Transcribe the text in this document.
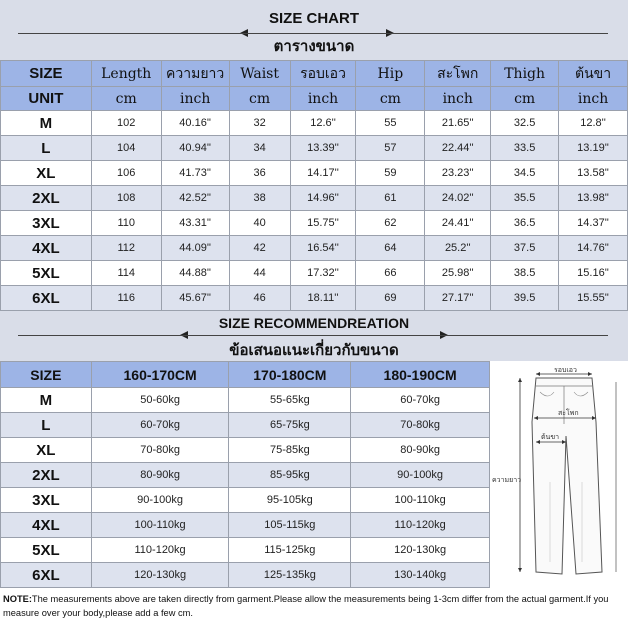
SIZE CHART
ตารางขนาด
SIZE	Length	ความยาว	Waist	รอบเอว	Hip	สะโพก	Thigh	ต้นขา
UNIT	cm	inch	cm	inch	cm	inch	cm	inch
M	102	40.16''	32	12.6''	55	21.65''	32.5	12.8''
L	104	40.94''	34	13.39''	57	22.44''	33.5	13.19''
XL	106	41.73''	36	14.17''	59	23.23''	34.5	13.58''
2XL	108	42.52''	38	14.96''	61	24.02''	35.5	13.98''
3XL	110	43.31''	40	15.75''	62	24.41''	36.5	14.37''
4XL	112	44.09''	42	16.54''	64	25.2''	37.5	14.76''
5XL	114	44.88''	44	17.32''	66	25.98''	38.5	15.16''
6XL	116	45.67''	46	18.11''	69	27.17''	39.5	15.55''
SIZE RECOMMENDREATION
ข้อเสนอแนะเกี่ยวกับขนาด
SIZE	160-170CM	170-180CM	180-190CM
M	50-60kg	55-65kg	60-70kg
L	60-70kg	65-75kg	70-80kg
XL	70-80kg	75-85kg	80-90kg
2XL	80-90kg	85-95kg	90-100kg
3XL	90-100kg	95-105kg	100-110kg
4XL	100-110kg	105-115kg	110-120kg
5XL	110-120kg	115-125kg	120-130kg
6XL	120-130kg	125-135kg	130-140kg
รอบเอว
สะโพก
ต้นขา
ความยาว
NOTE:The measurements above are taken directly from garment.Please allow the measurements being 1-3cm differ from the actual garment.If you measure over your body,please add a few cm.
